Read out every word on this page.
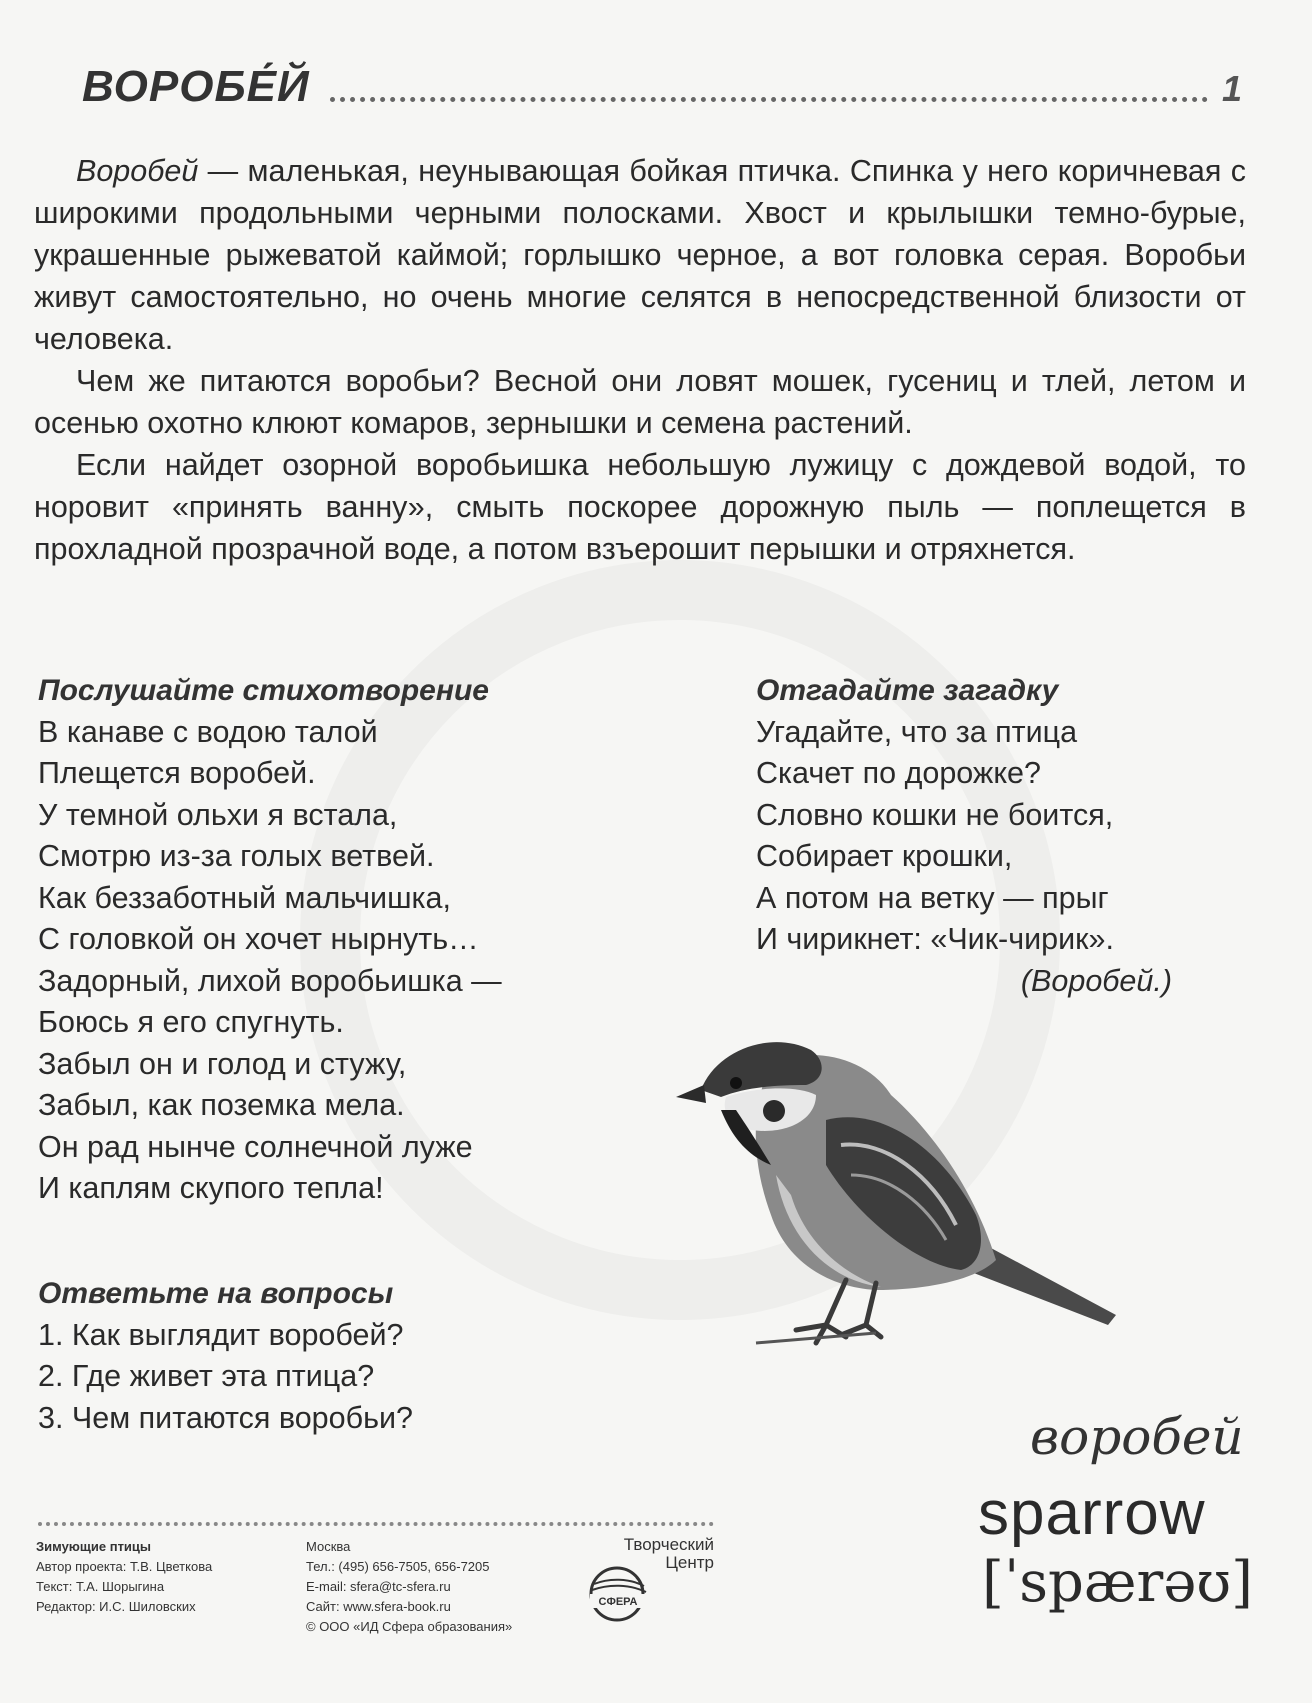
ВОРОБЕ́Й	1

Воробей — маленькая, неунывающая бойкая птичка. Спинка у него коричневая с широкими продольными черными полосками. Хвост и крылышки темно-бурые, украшенные рыжеватой каймой; горлышко черное, а вот головка серая. Воробьи живут самостоятельно, но очень многие селятся в непосредственной близости от человека.

Чем же питаются воробьи? Весной они ловят мошек, гусениц и тлей, летом и осенью охотно клюют комаров, зернышки и семена растений.

Если найдет озорной воробьишка небольшую лужицу с дождевой водой, то норовит «принять ванну», смыть поскорее дорожную пыль — поплещется в прохладной прозрачной воде, а потом взъерошит перышки и отряхнется.

Послушайте стихотворение
В канаве с водою талой
Плещется воробей.
У темной ольхи я встала,
Смотрю из-за голых ветвей.
Как беззаботный мальчишка,
С головкой он хочет нырнуть…
Задорный, лихой воробьишка —
Боюсь я его спугнуть.
Забыл он и голод и стужу,
Забыл, как поземка мела.
Он рад нынче солнечной луже
И каплям скупого тепла!
Отгадайте загадку
Угадайте, что за птица
Скачет по дорожке?
Словно кошки не боится,
Собирает крошки,
А потом на ветку — прыг
И чирикнет: «Чик-чирик».
(Воробей.)
Ответьте на вопросы
1. Как выглядит воробей?
2. Где живет эта птица?
3. Чем питаются воробьи?	воробей
sparrow
[ˈspærəʊ]
Зимующие птицы
Автор проекта: Т.В. Цветкова
Текст: Т.А. Шорыгина
Редактор: И.С. Шиловских
Москва
Тел.: (495) 656-7505, 656-7205
E-mail: sfera@tc-sfera.ru
Сайт: www.sfera-book.ru
© ООО «ИД Сфера образования»
Творческий
Центр
СФЕРА
